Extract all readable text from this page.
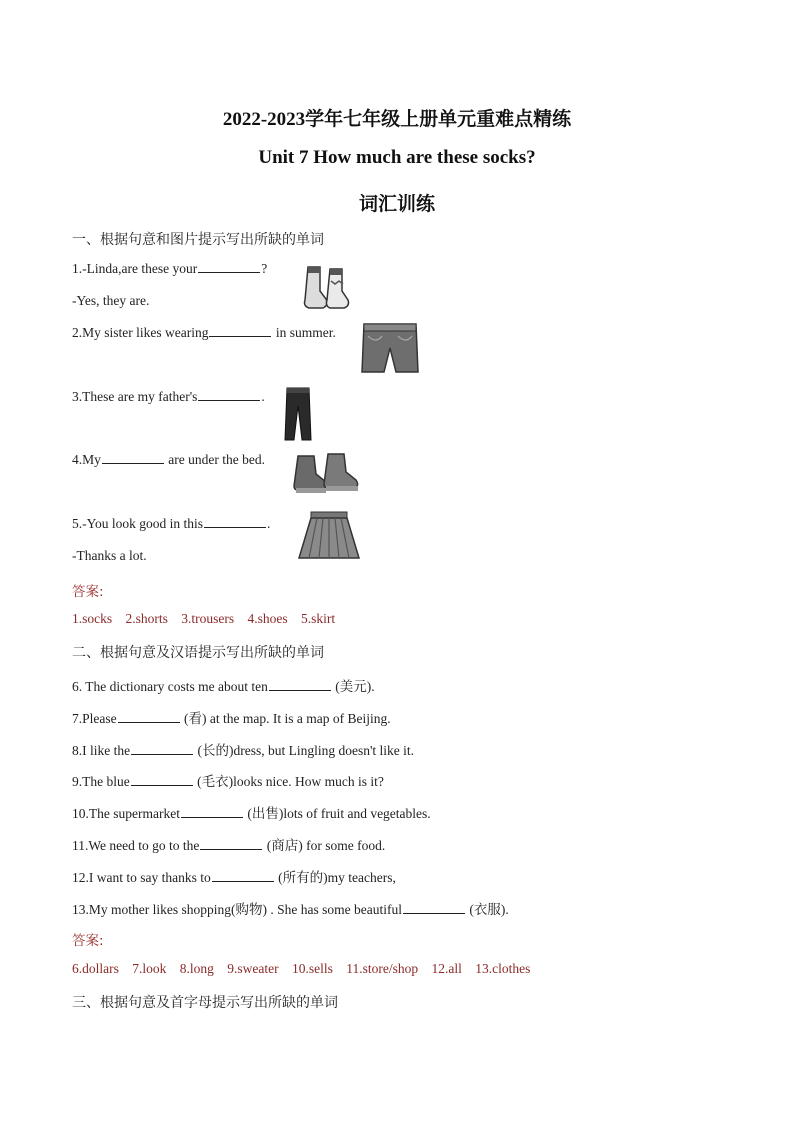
2022-2023学年七年级上册单元重难点精练
Unit 7 How much are these socks?
词汇训练
一、根据句意和图片提示写出所缺的单词
1.-Linda,are these your	?
-Yes, they are.
2.My sister likes wearing	in summer.
3.These are my father's	.
4.My	are under the bed.
5.-You look good in this	.
-Thanks a lot.
答案:
1.socks 2.shorts 3.trousers 4.shoes 5.skirt
二、根据句意及汉语提示写出所缺的单词
6. The dictionary costs me about ten	(美元).
7.Please	(看) at the map. It is a map of Beijing.
8.I like the	(长的)dress, but Lingling doesn't like it.
9.The blue	(毛衣)looks nice. How much is it?
10.The supermarket	(出售)lots of fruit and vegetables.
11.We need to go to the	(商店) for some food.
12.I want to say thanks to	(所有的)my teachers,
13.My mother likes shopping(购物) . She has some beautiful	(衣服).
答案:
6.dollars 7.look 8.long 9.sweater 10.sells 11.store/shop 12.all 13.clothes
三、根据句意及首字母提示写出所缺的单词
